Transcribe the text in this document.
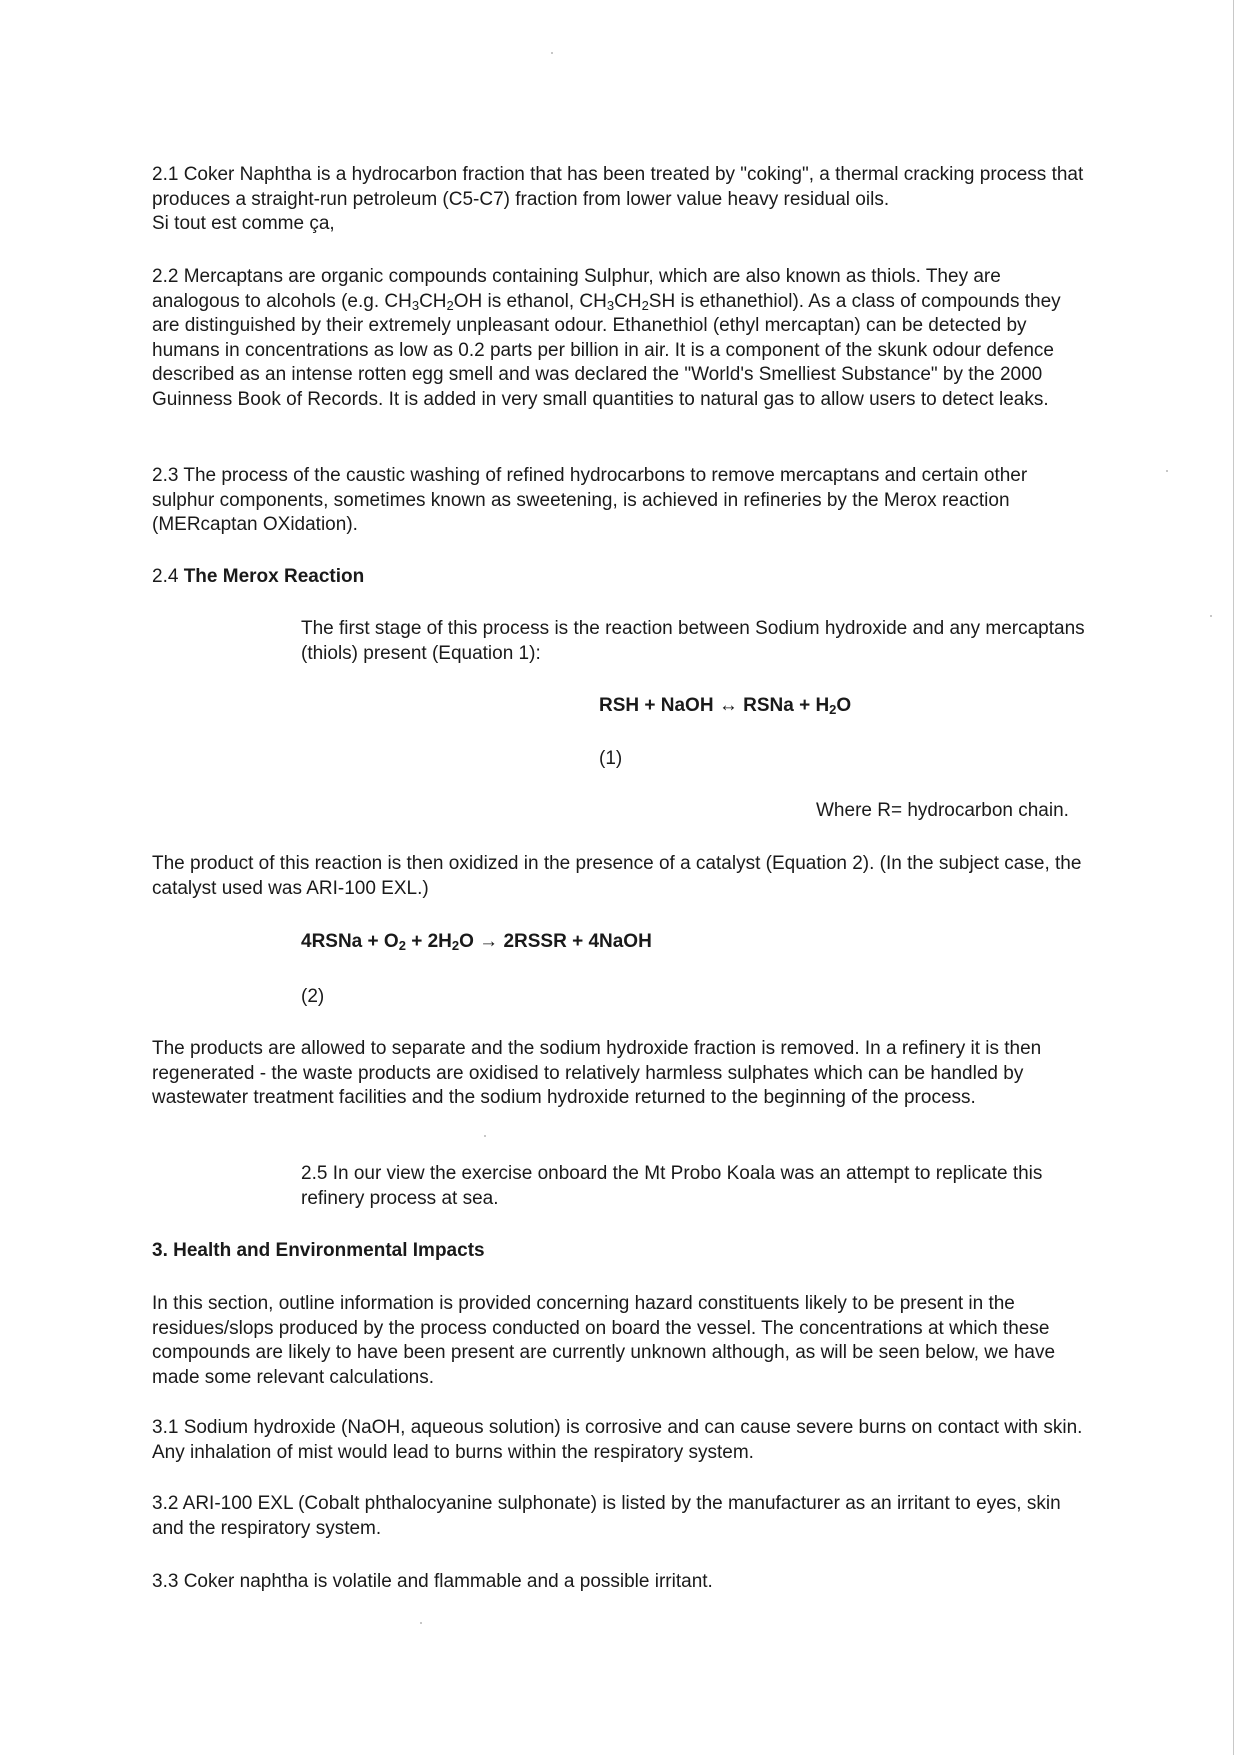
2.1 Coker Naphtha is a hydrocarbon fraction that has been treated by "coking", a thermal cracking process that produces a straight-run petroleum (C5-C7) fraction from lower value heavy residual oils.
Si tout est comme ça,

2.2 Mercaptans are organic compounds containing Sulphur, which are also known as thiols. They are analogous to alcohols (e.g. $CH_3CH_2OH$ is ethanol, $CH_3CH_2SH$ is ethanethiol). As a class of compounds they are distinguished by their extremely unpleasant odour. Ethanethiol (ethyl mercaptan) can be detected by humans in concentrations as low as 0.2 parts per billion in air. It is a component of the skunk odour defence described as an intense rotten egg smell and was declared the "World's Smelliest Substance" by the 2000 Guinness Book of Records. It is added in very small quantities to natural gas to allow users to detect leaks.

2.3 The process of the caustic washing of refined hydrocarbons to remove mercaptans and certain other sulphur components, sometimes known as sweetening, is achieved in refineries by the Merox reaction (MERcaptan OXidation).

2.4 The Merox Reaction

The first stage of this process is the reaction between Sodium hydroxide and any mercaptans (thiols) present (Equation 1):

RSH + NaOH ↔ RSNa + $H_2O$

(1)

Where R= hydrocarbon chain.

The product of this reaction is then oxidized in the presence of a catalyst (Equation 2). (In the subject case, the catalyst used was ARI-100 EXL.)

4RSNa + $O_2 + 2H_2O$ → 2RSSR + 4NaOH

(2)

The products are allowed to separate and the sodium hydroxide fraction is removed. In a refinery it is then regenerated - the waste products are oxidised to relatively harmless sulphates which can be handled by wastewater treatment facilities and the sodium hydroxide returned to the beginning of the process.

2.5 In our view the exercise onboard the Mt Probo Koala was an attempt to replicate this refinery process at sea.

3. Health and Environmental Impacts

In this section, outline information is provided concerning hazard constituents likely to be present in the residues/slops produced by the process conducted on board the vessel. The concentrations at which these compounds are likely to have been present are currently unknown although, as will be seen below, we have made some relevant calculations.

3.1 Sodium hydroxide (NaOH, aqueous solution) is corrosive and can cause severe burns on contact with skin. Any inhalation of mist would lead to burns within the respiratory system.

3.2 ARI-100 EXL (Cobalt phthalocyanine sulphonate) is listed by the manufacturer as an irritant to eyes, skin and the respiratory system.

3.3 Coker naphtha is volatile and flammable and a possible irritant.
